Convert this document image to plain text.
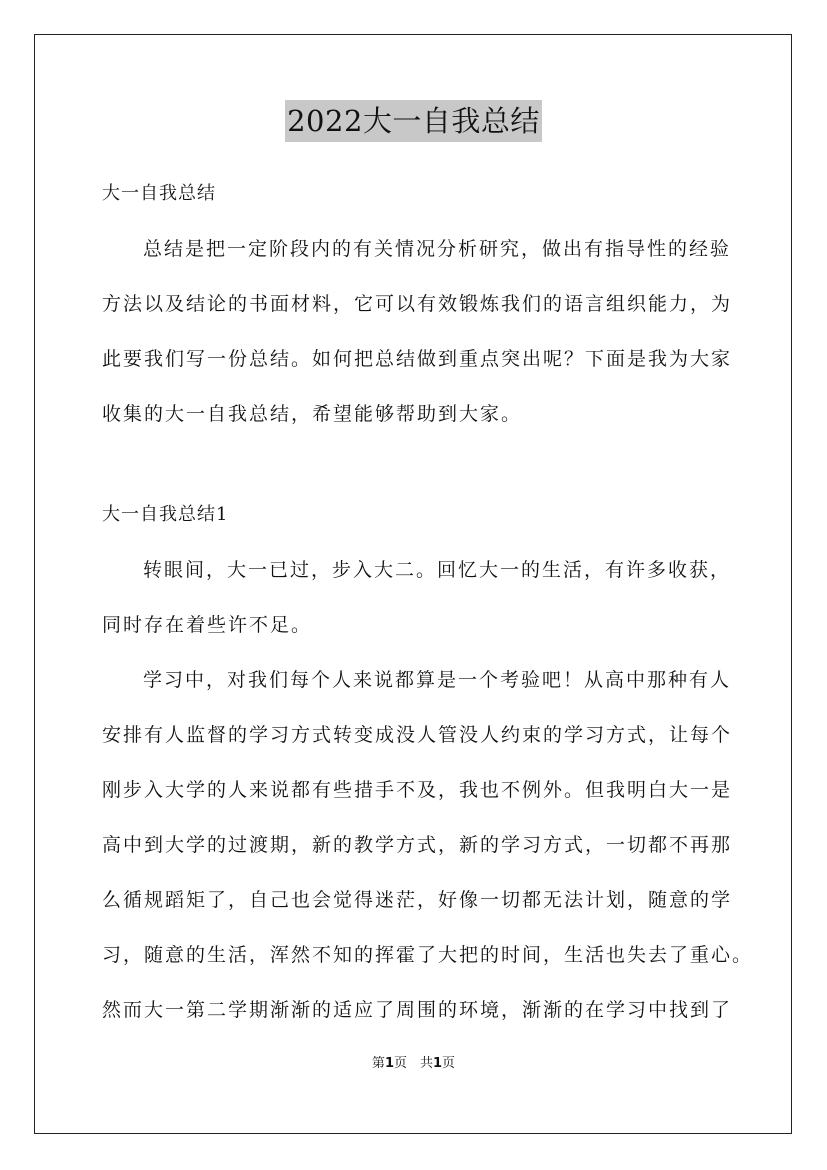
2022大一自我总结
大一自我总结
总结是把一定阶段内的有关情况分析研究，做出有指导性的经验
方法以及结论的书面材料，它可以有效锻炼我们的语言组织能力，为
此要我们写一份总结。如何把总结做到重点突出呢？下面是我为大家
收集的大一自我总结，希望能够帮助到大家。
大一自我总结1
转眼间，大一已过，步入大二。回忆大一的生活，有许多收获，
同时存在着些许不足。
学习中，对我们每个人来说都算是一个考验吧！从高中那种有人
安排有人监督的学习方式转变成没人管没人约束的学习方式，让每个
刚步入大学的人来说都有些措手不及，我也不例外。但我明白大一是
高中到大学的过渡期，新的教学方式，新的学习方式，一切都不再那
么循规蹈矩了，自己也会觉得迷茫，好像一切都无法计划，随意的学
习，随意的生活，浑然不知的挥霍了大把的时间，生活也失去了重心。
然而大一第二学期渐渐的适应了周围的环境，渐渐的在学习中找到了
第1页　共1页
